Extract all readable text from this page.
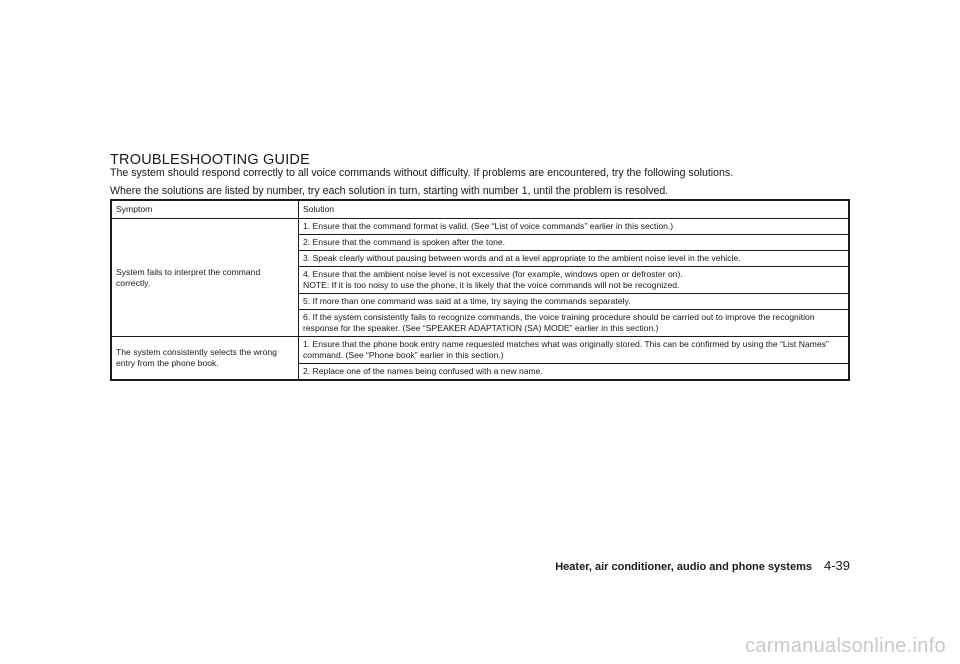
TROUBLESHOOTING GUIDE

The system should respond correctly to all voice commands without difficulty. If problems are encountered, try the following solutions.

Where the solutions are listed by number, try each solution in turn, starting with number 1, until the problem is resolved.

Symptom	Solution
System fails to interpret the command correctly.	1. Ensure that the command format is valid. (See “List of voice commands” earlier in this section.)
	2. Ensure that the command is spoken after the tone.
	3. Speak clearly without pausing between words and at a level appropriate to the ambient noise level in the vehicle.

	4. Ensure that the ambient noise level is not excessive (for example, windows open or defroster on).
NOTE: If it is too noisy to use the phone, it is likely that the voice commands will not be recognized.

	5. If more than one command was said at a time, try saying the commands separately.
	6. If the system consistently fails to recognize commands, the voice training procedure should be carried out to improve the recognition response for the speaker. (See “SPEAKER ADAPTATION (SA) MODE” earlier in this section.)
The system consistently selects the wrong entry from the phone book.	1. Ensure that the phone book entry name requested matches what was originally stored. This can be confirmed by using the “List Names” command. (See “Phone book” earlier in this section.)
	2. Replace one of the names being confused with a new name.
Heater, air conditioner, audio and phone systems 4-39
carmanualsonline.info
